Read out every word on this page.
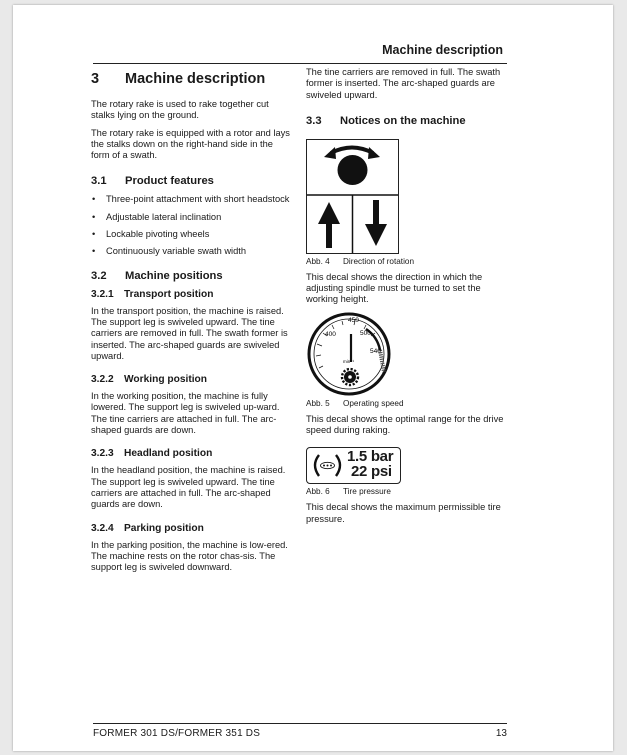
Machine description
3	Machine description

The rotary rake is used to rake together cut stalks lying on the ground.

The rotary rake is equipped with a rotor and lays the stalks down on the right-hand side in the form of a swath.

3.1	Product features
•	Three-point attachment with short headstock
•	Adjustable lateral inclination
•	Lockable pivoting wheels
•	Continuously variable swath width
3.2	Machine positions
3.2.1	Transport position

In the transport position, the machine is raised. The support leg is swiveled upward. The tine carriers are removed in full. The swath former is inserted. The arc-shaped guards are swiveled upward.

3.2.2	Working position

In the working position, the machine is fully lowered. The support leg is swiveled up-ward. The tine carriers are attached in full. The arc-shaped guards are down.

3.2.3	Headland position

In the headland position, the machine is raised. The support leg is swiveled upward. The tine carriers are attached in full. The arc-shaped guards are down.

3.2.4	Parking position

In the parking position, the machine is low-ered. The machine rests on the rotor chas-sis. The support leg is swiveled downward.

The tine carriers are removed in full. The swath former is inserted. The arc-shaped guards are swiveled upward.

3.3	Notices on the machine
Abb. 4	Direction of rotation

This decal shows the direction in which the adjusting spindle must be turned to set the working height.

450
400	500
540
min⁻¹
Abb. 5	Operating speed

This decal shows the optimal range for the drive speed during raking.

1.5 bar
22 psi
Abb. 6	Tire pressure

This decal shows the maximum permissible tire pressure.

FORMER 301 DS/FORMER 351 DS	13
